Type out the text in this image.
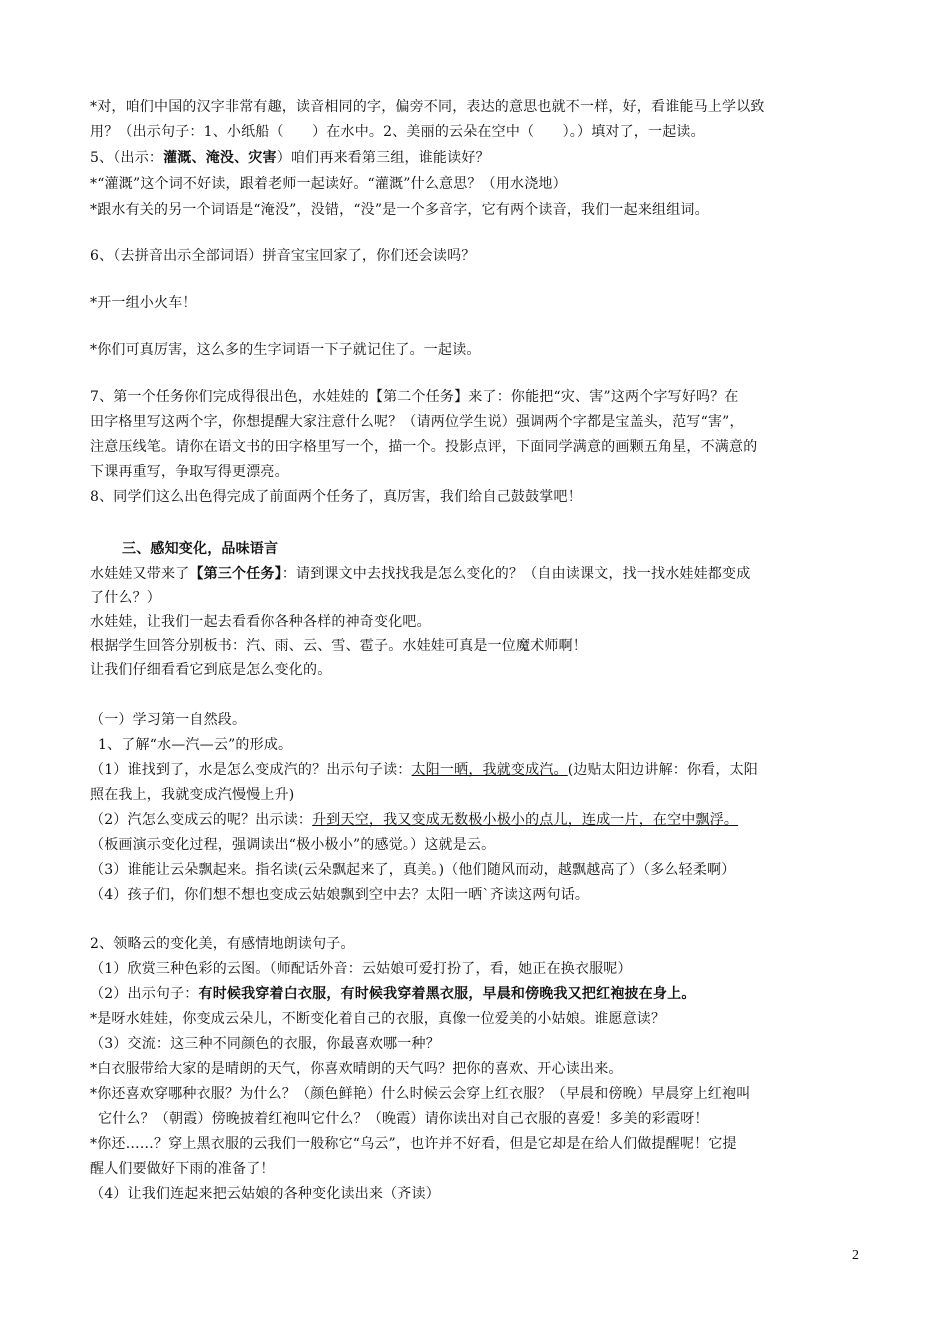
*对，咱们中国的汉字非常有趣，读音相同的字，偏旁不同，表达的意思也就不一样，好，看谁能马上学以致
用？（出示句子：1、小纸船（　　）在水中。2、美丽的云朵在空中（　　）。）填对了，一起读。
5、（出示：灌溉、淹没、灾害）咱们再来看第三组，谁能读好？
*“灌溉”这个词不好读，跟着老师一起读好。“灌溉”什么意思？（用水浇地）
*跟水有关的另一个词语是“淹没”，没错，“没”是一个多音字，它有两个读音，我们一起来组组词。
6、（去拼音出示全部词语）拼音宝宝回家了，你们还会读吗？
*开一组小火车！
*你们可真厉害，这么多的生字词语一下子就记住了。一起读。
7、第一个任务你们完成得很出色，水娃娃的【第二个任务】来了：你能把“灾、害”这两个字写好吗？在
田字格里写这两个字，你想提醒大家注意什么呢？（请两位学生说）强调两个字都是宝盖头，范写“害”，
注意压线笔。请你在语文书的田字格里写一个，描一个。投影点评，下面同学满意的画颗五角星，不满意的
下课再重写，争取写得更漂亮。
8、同学们这么出色得完成了前面两个任务了，真厉害，我们给自己鼓鼓掌吧！
三、感知变化，品味语言
水娃娃又带来了【第三个任务】：请到课文中去找找我是怎么变化的？（自由读课文，找一找水娃娃都变成
了什么？）
水娃娃，让我们一起去看看你各种各样的神奇变化吧。
根据学生回答分别板书：汽、雨、云、雪、雹子。水娃娃可真是一位魔术师啊！
让我们仔细看看它到底是怎么变化的。
（一）学习第一自然段。
1、了解“水—汽—云”的形成。
（1）谁找到了，水是怎么变成汽的？出示句子读：太阳一晒，我就变成汽。(边贴太阳边讲解：你看，太阳
照在我上，我就变成汽慢慢上升)
（2）汽怎么变成云的呢？出示读：升到天空，我又变成无数极小极小的点儿，连成一片，在空中飘浮。
（板画演示变化过程，强调读出“极小极小”的感觉。）这就是云。
（3）谁能让云朵飘起来。指名读(云朵飘起来了，真美。)（他们随风而动，越飘越高了）（多么轻柔啊）
（4）孩子们，你们想不想也变成云姑娘飘到空中去？太阳一晒`齐读这两句话。
2、领略云的变化美，有感情地朗读句子。
（1）欣赏三种色彩的云图。（师配话外音：云姑娘可爱打扮了，看，她正在换衣服呢）
（2）出示句子：有时候我穿着白衣服，有时候我穿着黑衣服，早晨和傍晚我又把红袍披在身上。
*是呀水娃娃，你变成云朵儿，不断变化着自己的衣服，真像一位爱美的小姑娘。谁愿意读？
（3）交流：这三种不同颜色的衣服，你最喜欢哪一种？
*白衣服带给大家的是晴朗的天气，你喜欢晴朗的天气吗？把你的喜欢、开心读出来。
*你还喜欢穿哪种衣服？为什么？（颜色鲜艳）什么时候云会穿上红衣服？（早晨和傍晚）早晨穿上红袍叫
它什么？（朝霞）傍晚披着红袍叫它什么？（晚霞）请你读出对自己衣服的喜爱！多美的彩霞呀！
*你还……？穿上黑衣服的云我们一般称它“乌云”，也许并不好看，但是它却是在给人们做提醒呢！它提
醒人们要做好下雨的准备了！
（4）让我们连起来把云姑娘的各种变化读出来（齐读）
2
